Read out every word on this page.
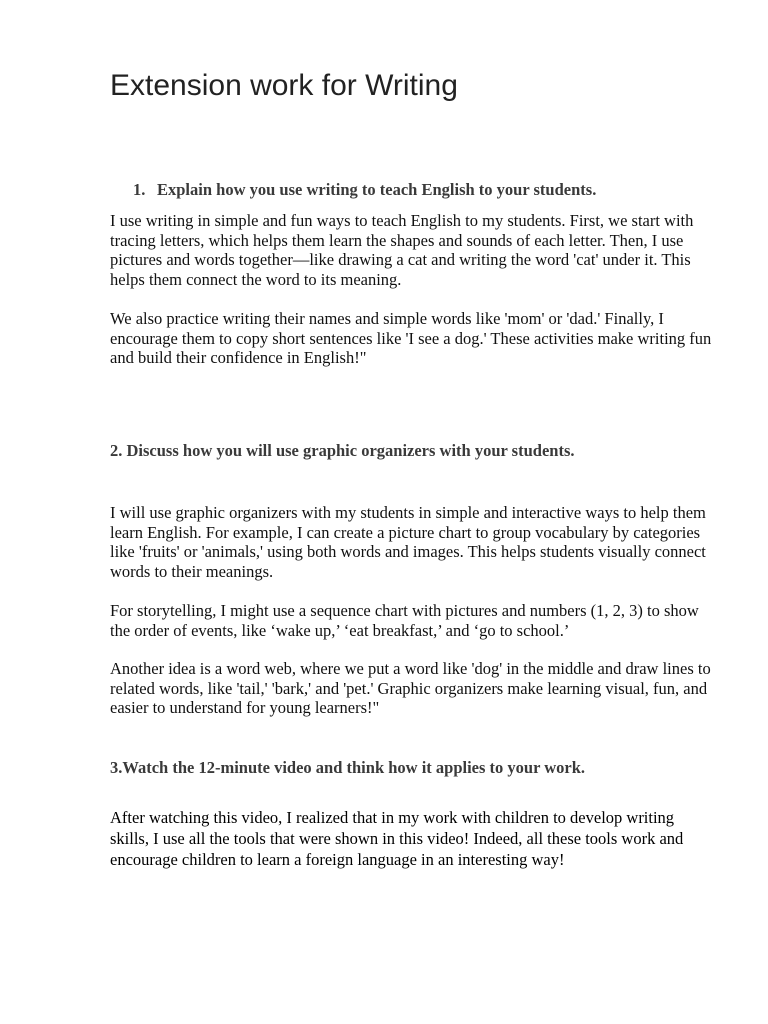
Extension work for Writing
1. Explain how you use writing to teach English to your students.

I use writing in simple and fun ways to teach English to my students. First, we start with tracing letters, which helps them learn the shapes and sounds of each letter. Then, I use pictures and words together—like drawing a cat and writing the word 'cat' under it. This helps them connect the word to its meaning.

We also practice writing their names and simple words like 'mom' or 'dad.' Finally, I encourage them to copy short sentences like 'I see a dog.' These activities make writing fun and build their confidence in English!"

2. Discuss how you will use graphic organizers with your students.

I will use graphic organizers with my students in simple and interactive ways to help them learn English. For example, I can create a picture chart to group vocabulary by categories like 'fruits' or 'animals,' using both words and images. This helps students visually connect words to their meanings.

For storytelling, I might use a sequence chart with pictures and numbers (1, 2, 3) to show the order of events, like ‘wake up,’ ‘eat breakfast,’ and ‘go to school.’

Another idea is a word web, where we put a word like 'dog' in the middle and draw lines to related words, like 'tail,' 'bark,' and 'pet.' Graphic organizers make learning visual, fun, and easier to understand for young learners!"

3.Watch the 12-minute video and think how it applies to your work.

After watching this video, I realized that in my work with children to develop writing skills, I use all the tools that were shown in this video! Indeed, all these tools work and encourage children to learn a foreign language in an interesting way!
